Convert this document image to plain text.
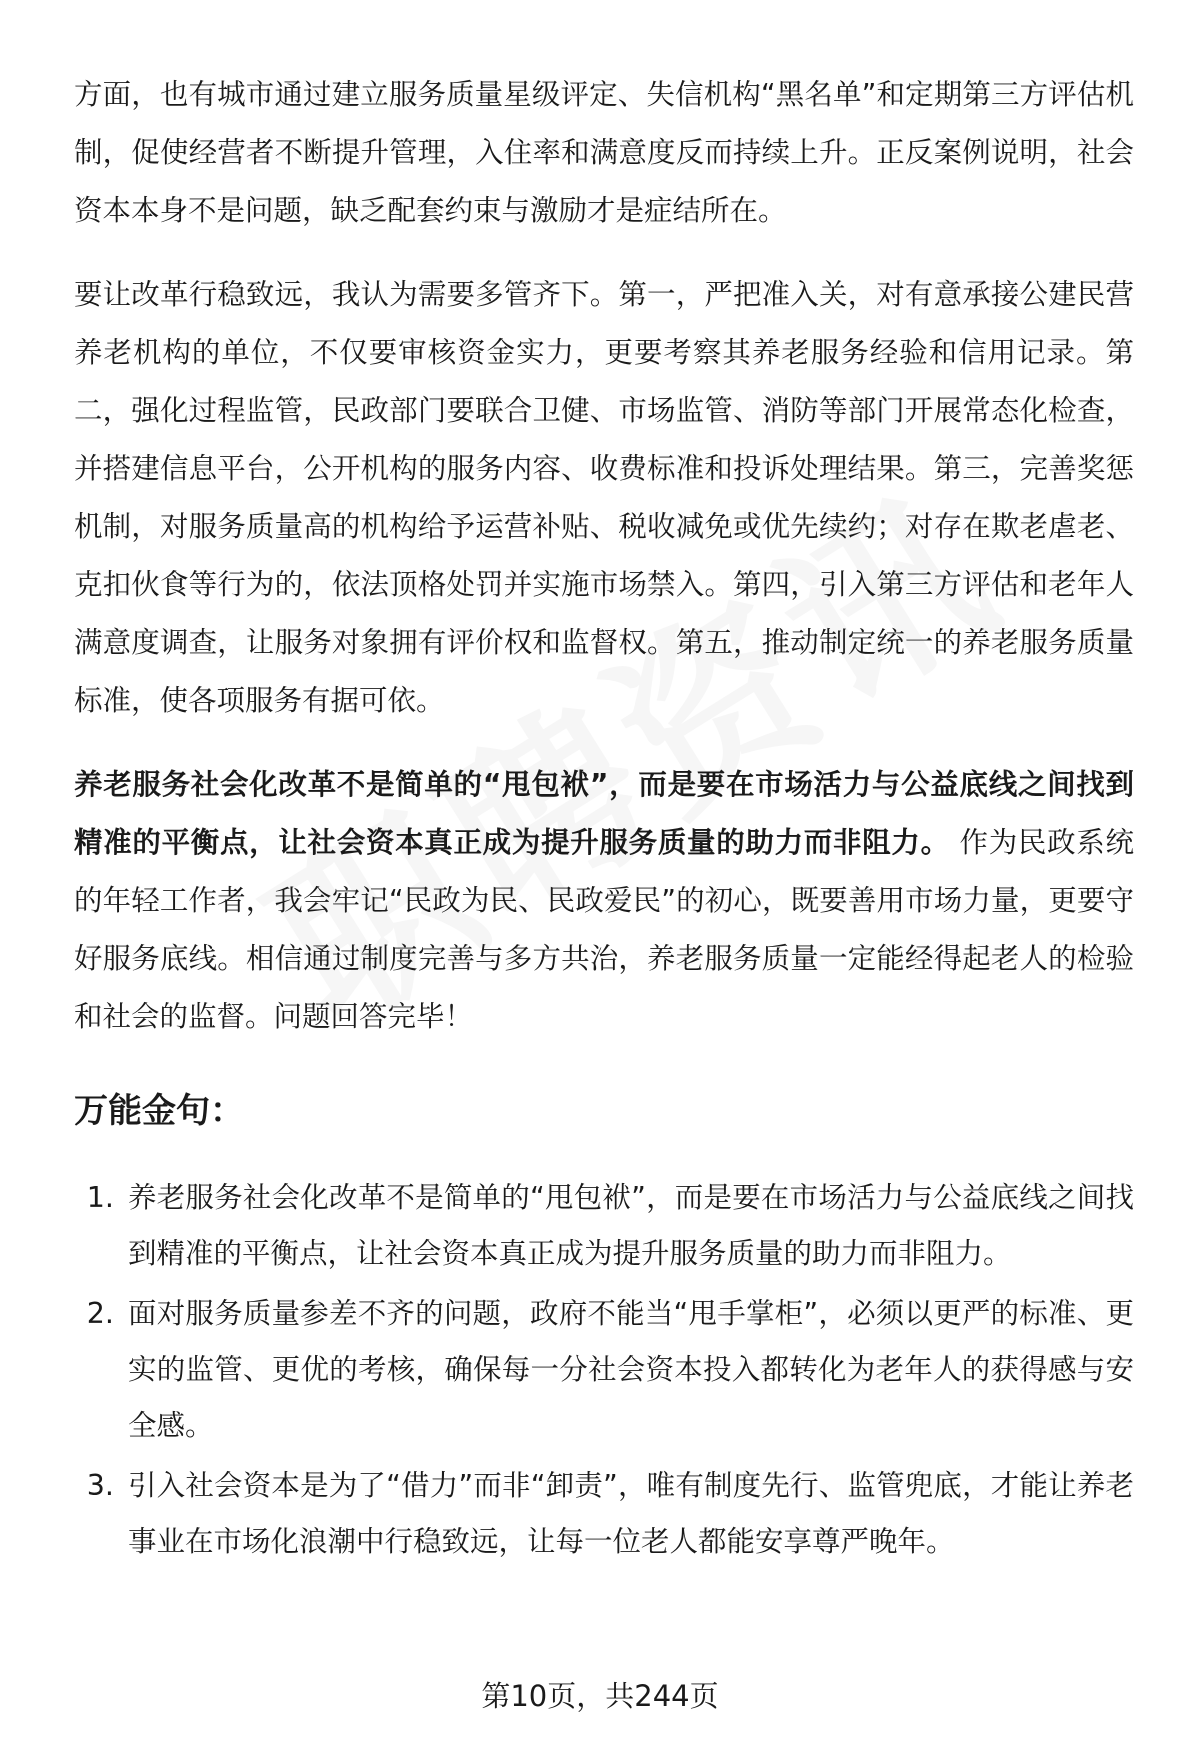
方面，也有城市通过建立服务质量星级评定、失信机构“黑名单”和定期第三方评估机制，促使经营者不断提升管理，入住率和满意度反而持续上升。正反案例说明，社会资本本身不是问题，缺乏配套约束与激励才是症结所在。

要让改革行稳致远，我认为需要多管齐下。第一，严把准入关，对有意承接公建民营养老机构的单位，不仅要审核资金实力，更要考察其养老服务经验和信用记录。第二，强化过程监管，民政部门要联合卫健、市场监管、消防等部门开展常态化检查，并搭建信息平台，公开机构的服务内容、收费标准和投诉处理结果。第三，完善奖惩机制，对服务质量高的机构给予运营补贴、税收减免或优先续约；对存在欺老虐老、克扣伙食等行为的，依法顶格处罚并实施市场禁入。第四，引入第三方评估和老年人满意度调查，让服务对象拥有评价权和监督权。第五，推动制定统一的养老服务质量标准，使各项服务有据可依。

养老服务社会化改革不是简单的“甩包袱”，而是要在市场活力与公益底线之间找到精准的平衡点，让社会资本真正成为提升服务质量的助力而非阻力。 作为民政系统的年轻工作者，我会牢记“民政为民、民政爱民”的初心，既要善用市场力量，更要守好服务底线。相信通过制度完善与多方共治，养老服务质量一定能经得起老人的检验和社会的监督。问题回答完毕！

万能金句：
1. 养老服务社会化改革不是简单的“甩包袱”，而是要在市场活力与公益底线之间找到精准的平衡点，让社会资本真正成为提升服务质量的助力而非阻力。
2. 面对服务质量参差不齐的问题，政府不能当“甩手掌柜”，必须以更严的标准、更实的监管、更优的考核，确保每一分社会资本投入都转化为老年人的获得感与安全感。
3. 引入社会资本是为了“借力”而非“卸责”，唯有制度先行、监管兜底，才能让养老事业在市场化浪潮中行稳致远，让每一位老人都能安享尊严晚年。
第10页，共244页
